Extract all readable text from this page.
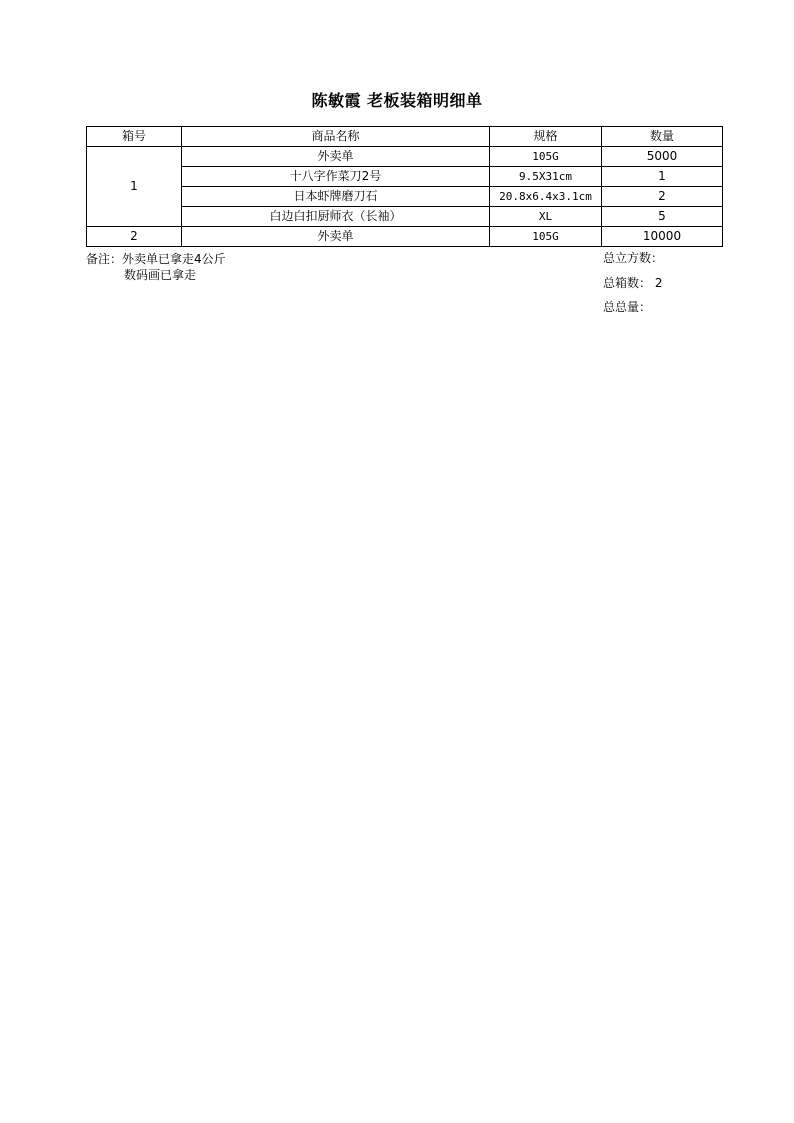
陈敏霞 老板装箱明细单
箱号	商品名称	规格	数量
1	外卖单	105G	5000
	十八字作菜刀2号	9.5X31cm	1
	日本虾牌磨刀石	20.8x6.4x3.1cm	2
	白边白扣厨师衣（长袖）	XL	5
2	外卖单	105G	10000
备注：外卖单已拿走4公斤
数码画已拿走
总立方数：
总箱数： 2
总总量：
